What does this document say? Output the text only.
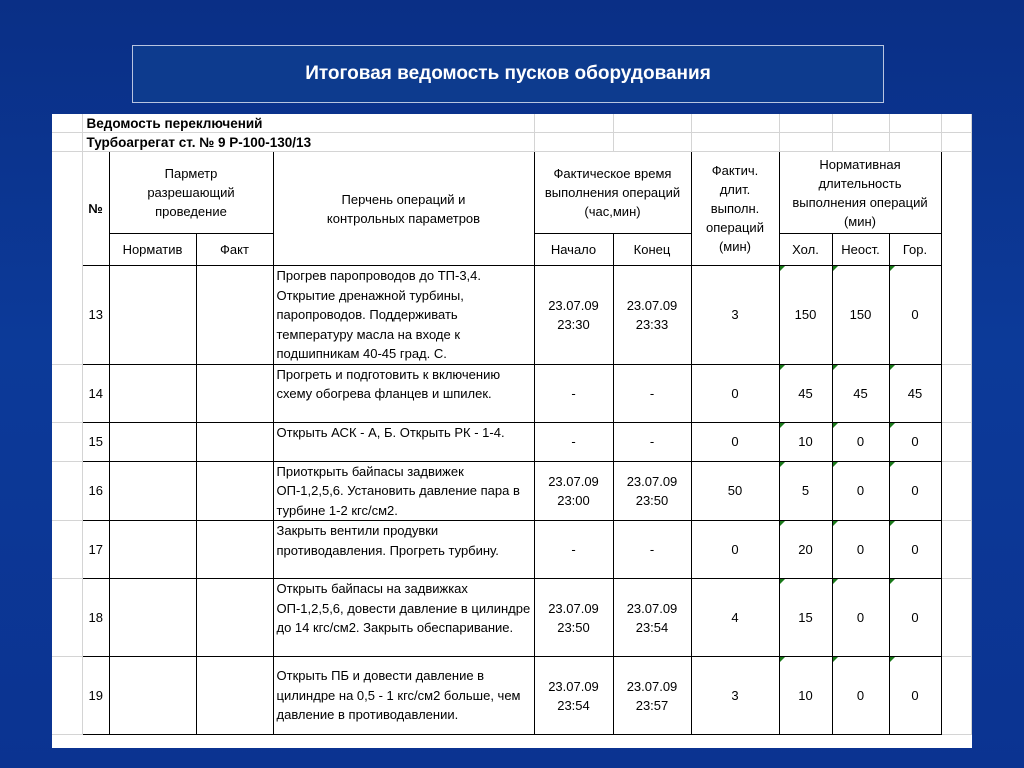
Итоговая ведомость пусков оборудования
	Ведомость переключений										
	Турбоагрегат ст. № 9 Р-100-130/13										
	№	Парметр разрешающий проведение		Перчень операций и контрольных параметров	Фактическое время выполнения операций (час,мин)		Фактич. длит. выполн. операций (мин)	Нормативная длительность выполнения операций (мин)			
		Норматив	Факт		Начало	Конец		Хол.	Неост.	Гор.	
	13			Прогрев паропроводов до ТП-3,4. Открытие дренажной турбины, паропроводов. Поддерживать температуру масла на входе к подшипникам 40-45 град. С.	23.07.09 23:30	23.07.09 23:33	3	150	150	0	
	14			Прогреть и подготовить к включению схему обогрева фланцев и шпилек.	-	-	0	45	45	45	
	15			Открыть АСК - А, Б. Открыть РК - 1-4.	-	-	0	10	0	0	
	16			Приоткрыть байпасы задвижек ОП-1,2,5,6. Установить давление пара в турбине 1-2 кгс/см2.	23.07.09 23:00	23.07.09 23:50	50	5	0	0	
	17			Закрыть вентили продувки противодавления. Прогреть турбину.	-	-	0	20	0	0	
	18			Открыть байпасы на задвижках ОП-1,2,5,6, довести давление в цилиндре до 14 кгс/см2. Закрыть обеспаривание.	23.07.09 23:50	23.07.09 23:54	4	15	0	0	
	19			Открыть ПБ и довести давление в цилиндре на 0,5 - 1 кгс/см2 больше, чем давление в противодавлении.	23.07.09 23:54	23.07.09 23:57	3	10	0	0	
